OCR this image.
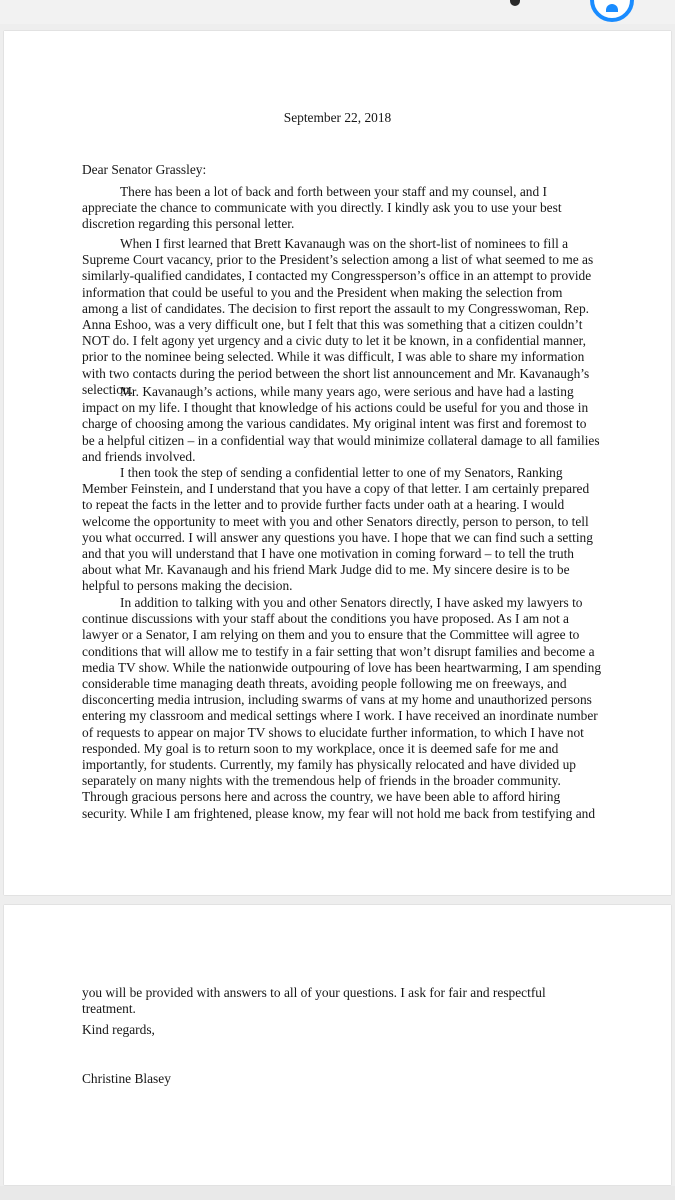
September 22, 2018
Dear Senator Grassley:

There has been a lot of back and forth between your staff and my counsel, and I appreciate the chance to communicate with you directly. I kindly ask you to use your best discretion regarding this personal letter.

When I first learned that Brett Kavanaugh was on the short-list of nominees to fill a Supreme Court vacancy, prior to the President’s selection among a list of what seemed to me as similarly-qualified candidates, I contacted my Congressperson’s office in an attempt to provide information that could be useful to you and the President when making the selection from among a list of candidates. The decision to first report the assault to my Congresswoman, Rep. Anna Eshoo, was a very difficult one, but I felt that this was something that a citizen couldn’t NOT do. I felt agony yet urgency and a civic duty to let it be known, in a confidential manner, prior to the nominee being selected. While it was difficult, I was able to share my information with two contacts during the period between the short list announcement and Mr. Kavanaugh’s selection.

Mr. Kavanaugh’s actions, while many years ago, were serious and have had a lasting impact on my life. I thought that knowledge of his actions could be useful for you and those in charge of choosing among the various candidates. My original intent was first and foremost to be a helpful citizen – in a confidential way that would minimize collateral damage to all families and friends involved.

I then took the step of sending a confidential letter to one of my Senators, Ranking Member Feinstein, and I understand that you have a copy of that letter. I am certainly prepared to repeat the facts in the letter and to provide further facts under oath at a hearing. I would welcome the opportunity to meet with you and other Senators directly, person to person, to tell you what occurred. I will answer any questions you have. I hope that we can find such a setting and that you will understand that I have one motivation in coming forward – to tell the truth about what Mr. Kavanaugh and his friend Mark Judge did to me. My sincere desire is to be helpful to persons making the decision.

In addition to talking with you and other Senators directly, I have asked my lawyers to continue discussions with your staff about the conditions you have proposed. As I am not a lawyer or a Senator, I am relying on them and you to ensure that the Committee will agree to conditions that will allow me to testify in a fair setting that won’t disrupt families and become a media TV show. While the nationwide outpouring of love has been heartwarming, I am spending considerable time managing death threats, avoiding people following me on freeways, and disconcerting media intrusion, including swarms of vans at my home and unauthorized persons entering my classroom and medical settings where I work. I have received an inordinate number of requests to appear on major TV shows to elucidate further information, to which I have not responded. My goal is to return soon to my workplace, once it is deemed safe for me and importantly, for students. Currently, my family has physically relocated and have divided up separately on many nights with the tremendous help of friends in the broader community. Through gracious persons here and across the country, we have been able to afford hiring security. While I am frightened, please know, my fear will not hold me back from testifying and

you will be provided with answers to all of your questions. I ask for fair and respectful treatment.
Kind regards,
Christine Blasey
